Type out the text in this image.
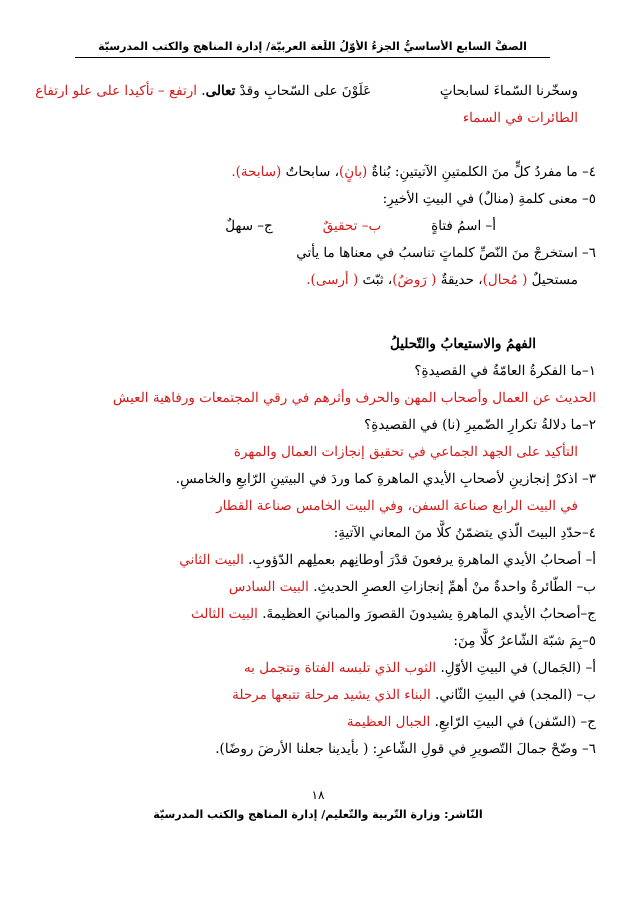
الصفُّ السابع الأساسيُّ الجزءُ الأوّلُ اللّغة العربيّة/ إدارة المناهج والكتب المدرسيّة
وسخّرنا السّماءَ لسابحاتٍ  عَلَوْنَ على السّحابِ وقدْ تعالى. ارتفع – تأكيدا على علو ارتفاع الطائرات في السماء
٤– ما مفردُ كلٍّ منَ الكلمتينِ الآتيتينِ: بُناةٌ (بانٍ)، سابحاتٌ (سابحة).
٥– معنى كلمةِ (منالٌ) في البيتِ الأخيرِ:
أ– اسمُ فتاةٍ
ب– تحقيقٌ
ج– سهلٌ
٦– استخرجْ منَ النّصِّ كلماتٍ تناسبُ في معناها ما يأتي
مستحيلٌ ( مُحال)، حديقةٌ ( رَوضٌ)، ثبّتَ ( أرسى).
الفهمُ والاستيعابُ والتّحليلُ
١–ما الفكرةُ العامّةُ في القصيدةِ؟
الحديث عن العمال وأصحاب المهن والحرف وأثرهم في رقي المجتمعات ورفاهية العيش
٢–ما دلالةُ تكرارِ الضّميرِ (نا) في القصيدةِ؟
التأكيد على الجهد الجماعي في تحقيق إنجازات العمال والمهرة
٣– اذكرْ إنجازينِ لأصحابِ الأيدي الماهرةِ كما وردَ في البيتينِ الرّابعِ والخامسِ.
في البيت الرابع صناعة السفن، وفي البيت الخامس صناعة القطار
٤–حدّدِ البيتَ الّذي يتضمّنُ كلًّا منَ المعاني الآتيةِ:
أ– أصحابُ الأيدي الماهرةِ يرفعونَ قدْرَ أوطانِهم بعملِهم الدّؤوبِ. البيت الثاني
ب– الطّائرةُ واحدةٌ منْ أهمِّ إنجازاتِ العصرِ الحديثِ. البيت السادس
ج–أصحابُ الأيدي الماهرةِ يشيدونَ القصورَ والمبانيَ العظيمةَ. البيت الثالث
٥–بِمَ شبّهَ الشّاعرُ كلًّا مِنَ:
أ– (الجَمال) في البيتِ الأوّلِ. الثوب الذي تلبسه الفتاة وتتجمل به
ب– (المجد) في البيتِ الثّاني. البناء الذي يشيد مرحلة تتبعها مرحلة
ج– (السّفن) في البيتِ الرّابعِ. الجبال العظيمة
٦– وضّحْ جمالَ التّصويرِ في قولِ الشّاعرِ: ( بأيدينا جعلنا الأرضَ روضًا).
١٨
النّاشر: وزارة التّربية والتّعليم/ إدارة المناهج والكتب المدرسيّة
